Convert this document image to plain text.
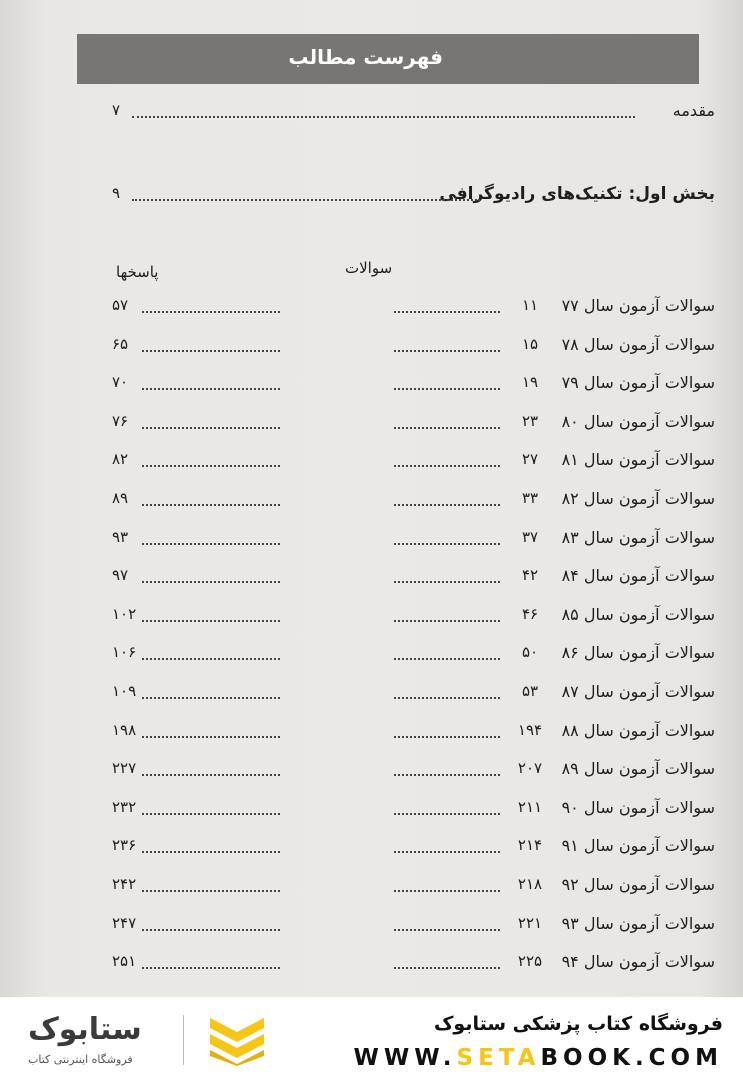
فهرست مطالب
مقدمه
۷
بخش اول: تکنیک‌های رادیوگرافی
۹
سوالات
پاسخها
سوالات آزمون سال ۷۷
۱۱
۵۷
سوالات آزمون سال ۷۸
۱۵
۶۵
سوالات آزمون سال ۷۹
۱۹
۷۰
سوالات آزمون سال ۸۰
۲۳
۷۶
سوالات آزمون سال ۸۱
۲۷
۸۲
سوالات آزمون سال ۸۲
۳۳
۸۹
سوالات آزمون سال ۸۳
۳۷
۹۳
سوالات آزمون سال ۸۴
۴۲
۹۷
سوالات آزمون سال ۸۵
۴۶
۱۰۲
سوالات آزمون سال ۸۶
۵۰
۱۰۶
سوالات آزمون سال ۸۷
۵۳
۱۰۹
سوالات آزمون سال ۸۸
۱۹۴
۱۹۸
سوالات آزمون سال ۸۹
۲۰۷
۲۲۷
سوالات آزمون سال ۹۰
۲۱۱
۲۳۲
سوالات آزمون سال ۹۱
۲۱۴
۲۳۶
سوالات آزمون سال ۹۲
۲۱۸
۲۴۲
سوالات آزمون سال ۹۳
۲۲۱
۲۴۷
سوالات آزمون سال ۹۴
۲۲۵
۲۵۱
ستابوک
فروشگاه اینترنتی کتاب
فروشگاه کتاب پزشکی ستابوک
WWW.SETABOOK.COM
